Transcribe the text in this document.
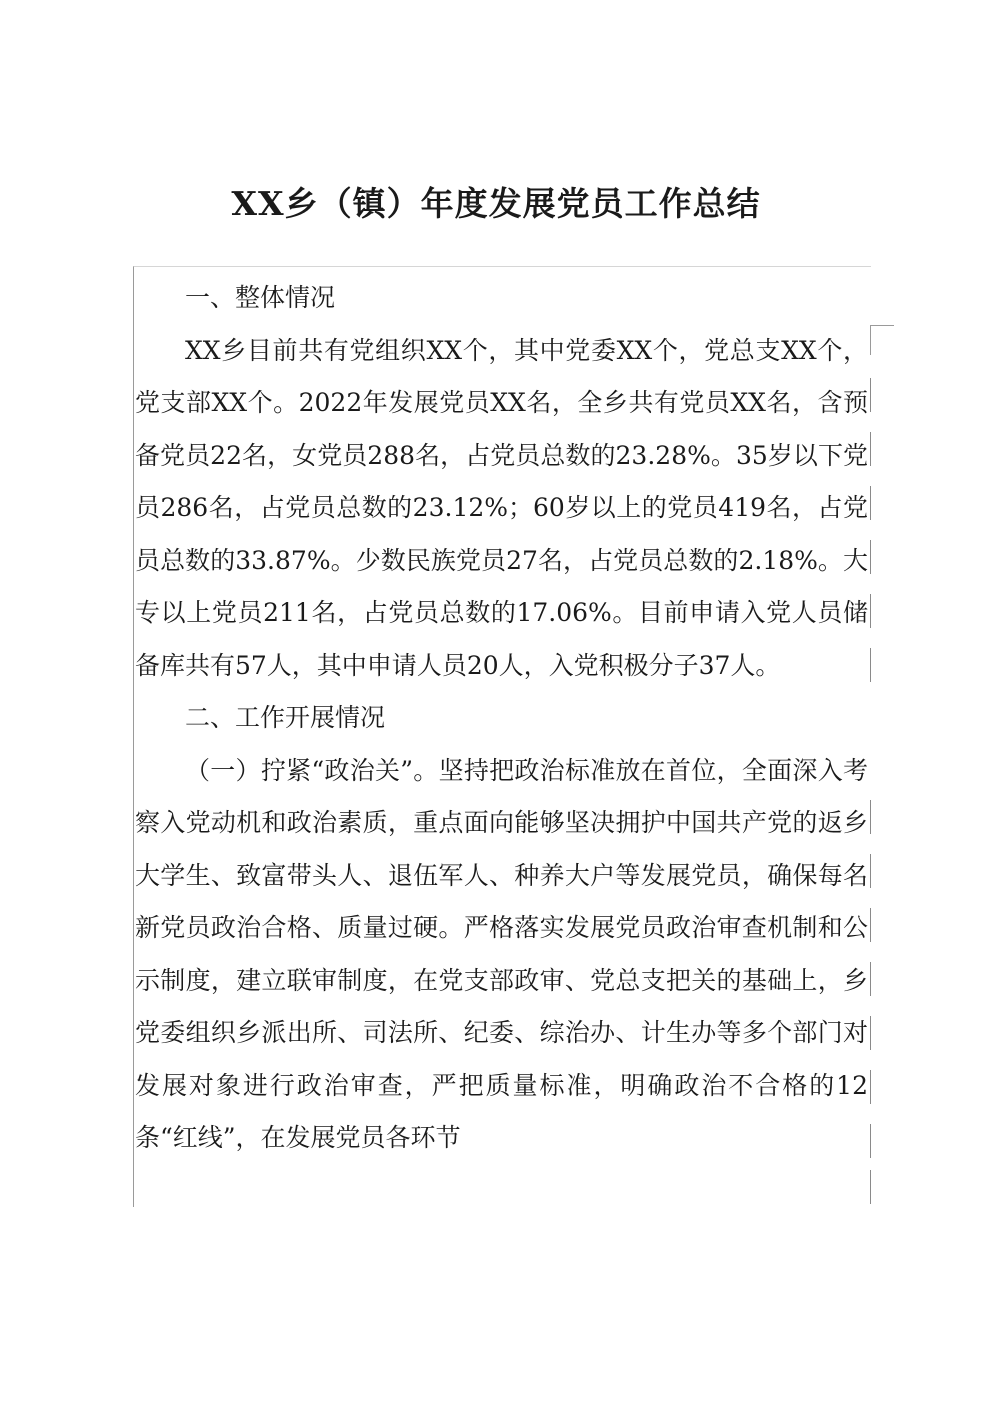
XX乡（镇）年度发展党员工作总结

一、整体情况

XX乡目前共有党组织XX个，其中党委XX个，党总支XX个，党支部XX个。2022年发展党员XX名，全乡共有党员XX名，含预备党员22名，女党员288名，占党员总数的23.28%。35岁以下党员286名，占党员总数的23.12%；60岁以上的党员419名，占党员总数的33.87%。少数民族党员27名，占党员总数的2.18%。大专以上党员211名，占党员总数的17.06%。目前申请入党人员储备库共有57人，其中申请人员20人，入党积极分子37人。

二、工作开展情况

（一）拧紧“政治关”。坚持把政治标准放在首位，全面深入考察入党动机和政治素质，重点面向能够坚决拥护中国共产党的返乡大学生、致富带头人、退伍军人、种养大户等发展党员，确保每名新党员政治合格、质量过硬。严格落实发展党员政治审查机制和公示制度，建立联审制度，在党支部政审、党总支把关的基础上，乡党委组织乡派出所、司法所、纪委、综治办、计生办等多个部门对发展对象进行政治审查，严把质量标准，明确政治不合格的12条“红线”，在发展党员各环节
